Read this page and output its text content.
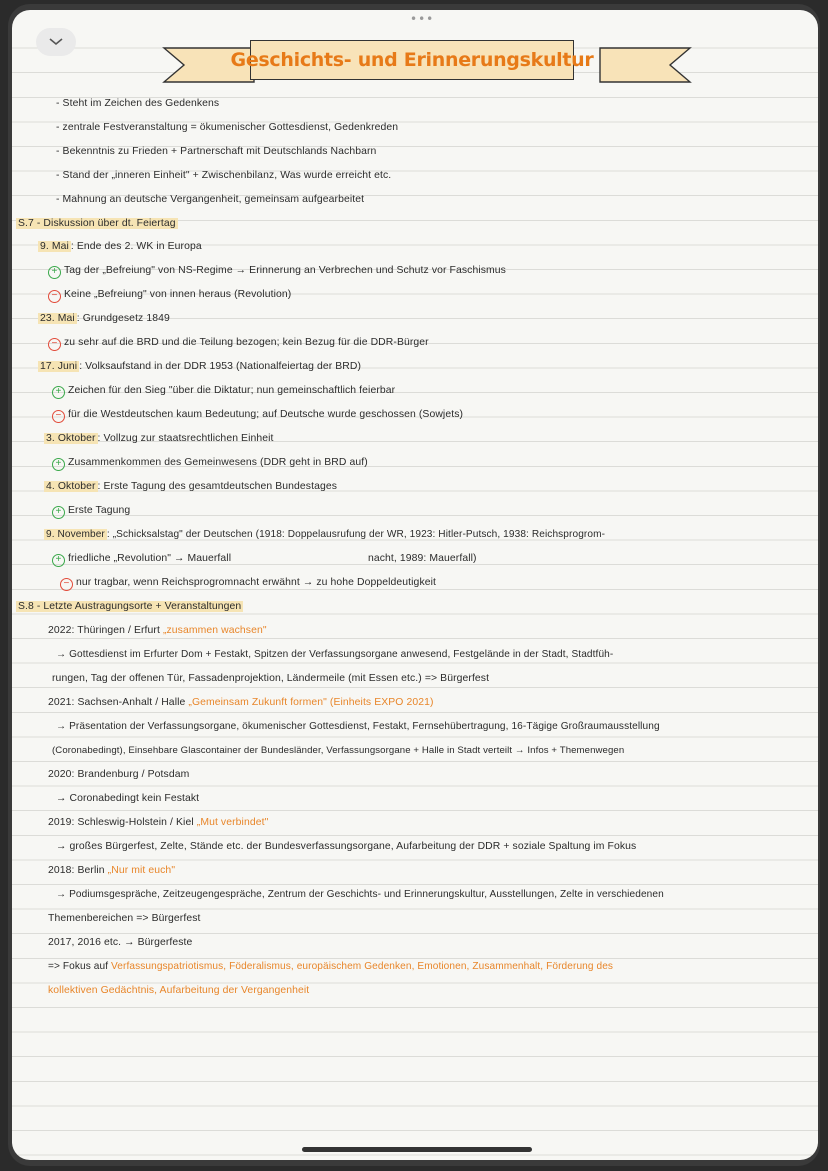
•••
Geschichts- und Erinnerungskultur
- Steht im Zeichen des Gedenkens
- zentrale Festveranstaltung = ökumenischer Gottesdienst, Gedenkreden
- Bekenntnis zu Frieden + Partnerschaft mit Deutschlands Nachbarn
- Stand der „inneren Einheit" + Zwischenbilanz, Was wurde erreicht etc.
- Mahnung an deutsche Vergangenheit, gemeinsam aufgearbeitet
S.7 - Diskussion über dt. Feiertag
9. Mai : Ende des 2. WK in Europa
+ Tag der „Befreiung" von NS-Regime → Erinnerung an Verbrechen und Schutz vor Faschismus
− Keine „Befreiung" von innen heraus (Revolution)
23. Mai : Grundgesetz 1849
− zu sehr auf die BRD und die Teilung bezogen; kein Bezug für die DDR-Bürger
17. Juni : Volksaufstand in der DDR 1953 (Nationalfeiertag der BRD)
+ Zeichen für den Sieg "über die Diktatur; nun gemeinschaftlich feierbar
− für die Westdeutschen kaum Bedeutung; auf Deutsche wurde geschossen (Sowjets)
3. Oktober : Vollzug zur staatsrechtlichen Einheit
+ Zusammenkommen des Gemeinwesens (DDR geht in BRD auf)
4. Oktober : Erste Tagung des gesamtdeutschen Bundestages
+ Erste Tagung
9. November : „Schicksalstag" der Deutschen (1918: Doppelausrufung der WR, 1923: Hitler-Putsch, 1938: Reichsprogrom-
+ friedliche „Revolution" → Mauerfall	nacht, 1989: Mauerfall)
− nur tragbar, wenn Reichsprogromnacht erwähnt → zu hohe Doppeldeutigkeit
S.8 - Letzte Austragungsorte + Veranstaltungen
2022: Thüringen / Erfurt „zusammen wachsen"
→ Gottesdienst im Erfurter Dom + Festakt, Spitzen der Verfassungsorgane anwesend, Festgelände in der Stadt, Stadtfüh-
rungen, Tag der offenen Tür, Fassadenprojektion, Ländermeile (mit Essen etc.) => Bürgerfest
2021: Sachsen-Anhalt / Halle „Gemeinsam Zukunft formen" (Einheits EXPO 2021)
→ Präsentation der Verfassungsorgane, ökumenischer Gottesdienst, Festakt, Fernsehübertragung, 16-Tägige Großraumausstellung
(Coronabedingt), Einsehbare Glascontainer der Bundesländer, Verfassungsorgane + Halle in Stadt verteilt → Infos + Themenwegen
2020: Brandenburg / Potsdam
→ Coronabedingt kein Festakt
2019: Schleswig-Holstein / Kiel „Mut verbindet"
→ großes Bürgerfest, Zelte, Stände etc. der Bundesverfassungsorgane, Aufarbeitung der DDR + soziale Spaltung im Fokus
2018: Berlin „Nur mit euch"
→ Podiumsgespräche, Zeitzeugengespräche, Zentrum der Geschichts- und Erinnerungskultur, Ausstellungen, Zelte in verschiedenen
Themenbereichen => Bürgerfest
2017, 2016 etc. → Bürgerfeste
=> Fokus auf Verfassungspatriotismus, Föderalismus, europäischem Gedenken, Emotionen, Zusammenhalt, Förderung des
kollektiven Gedächtnis, Aufarbeitung der Vergangenheit
